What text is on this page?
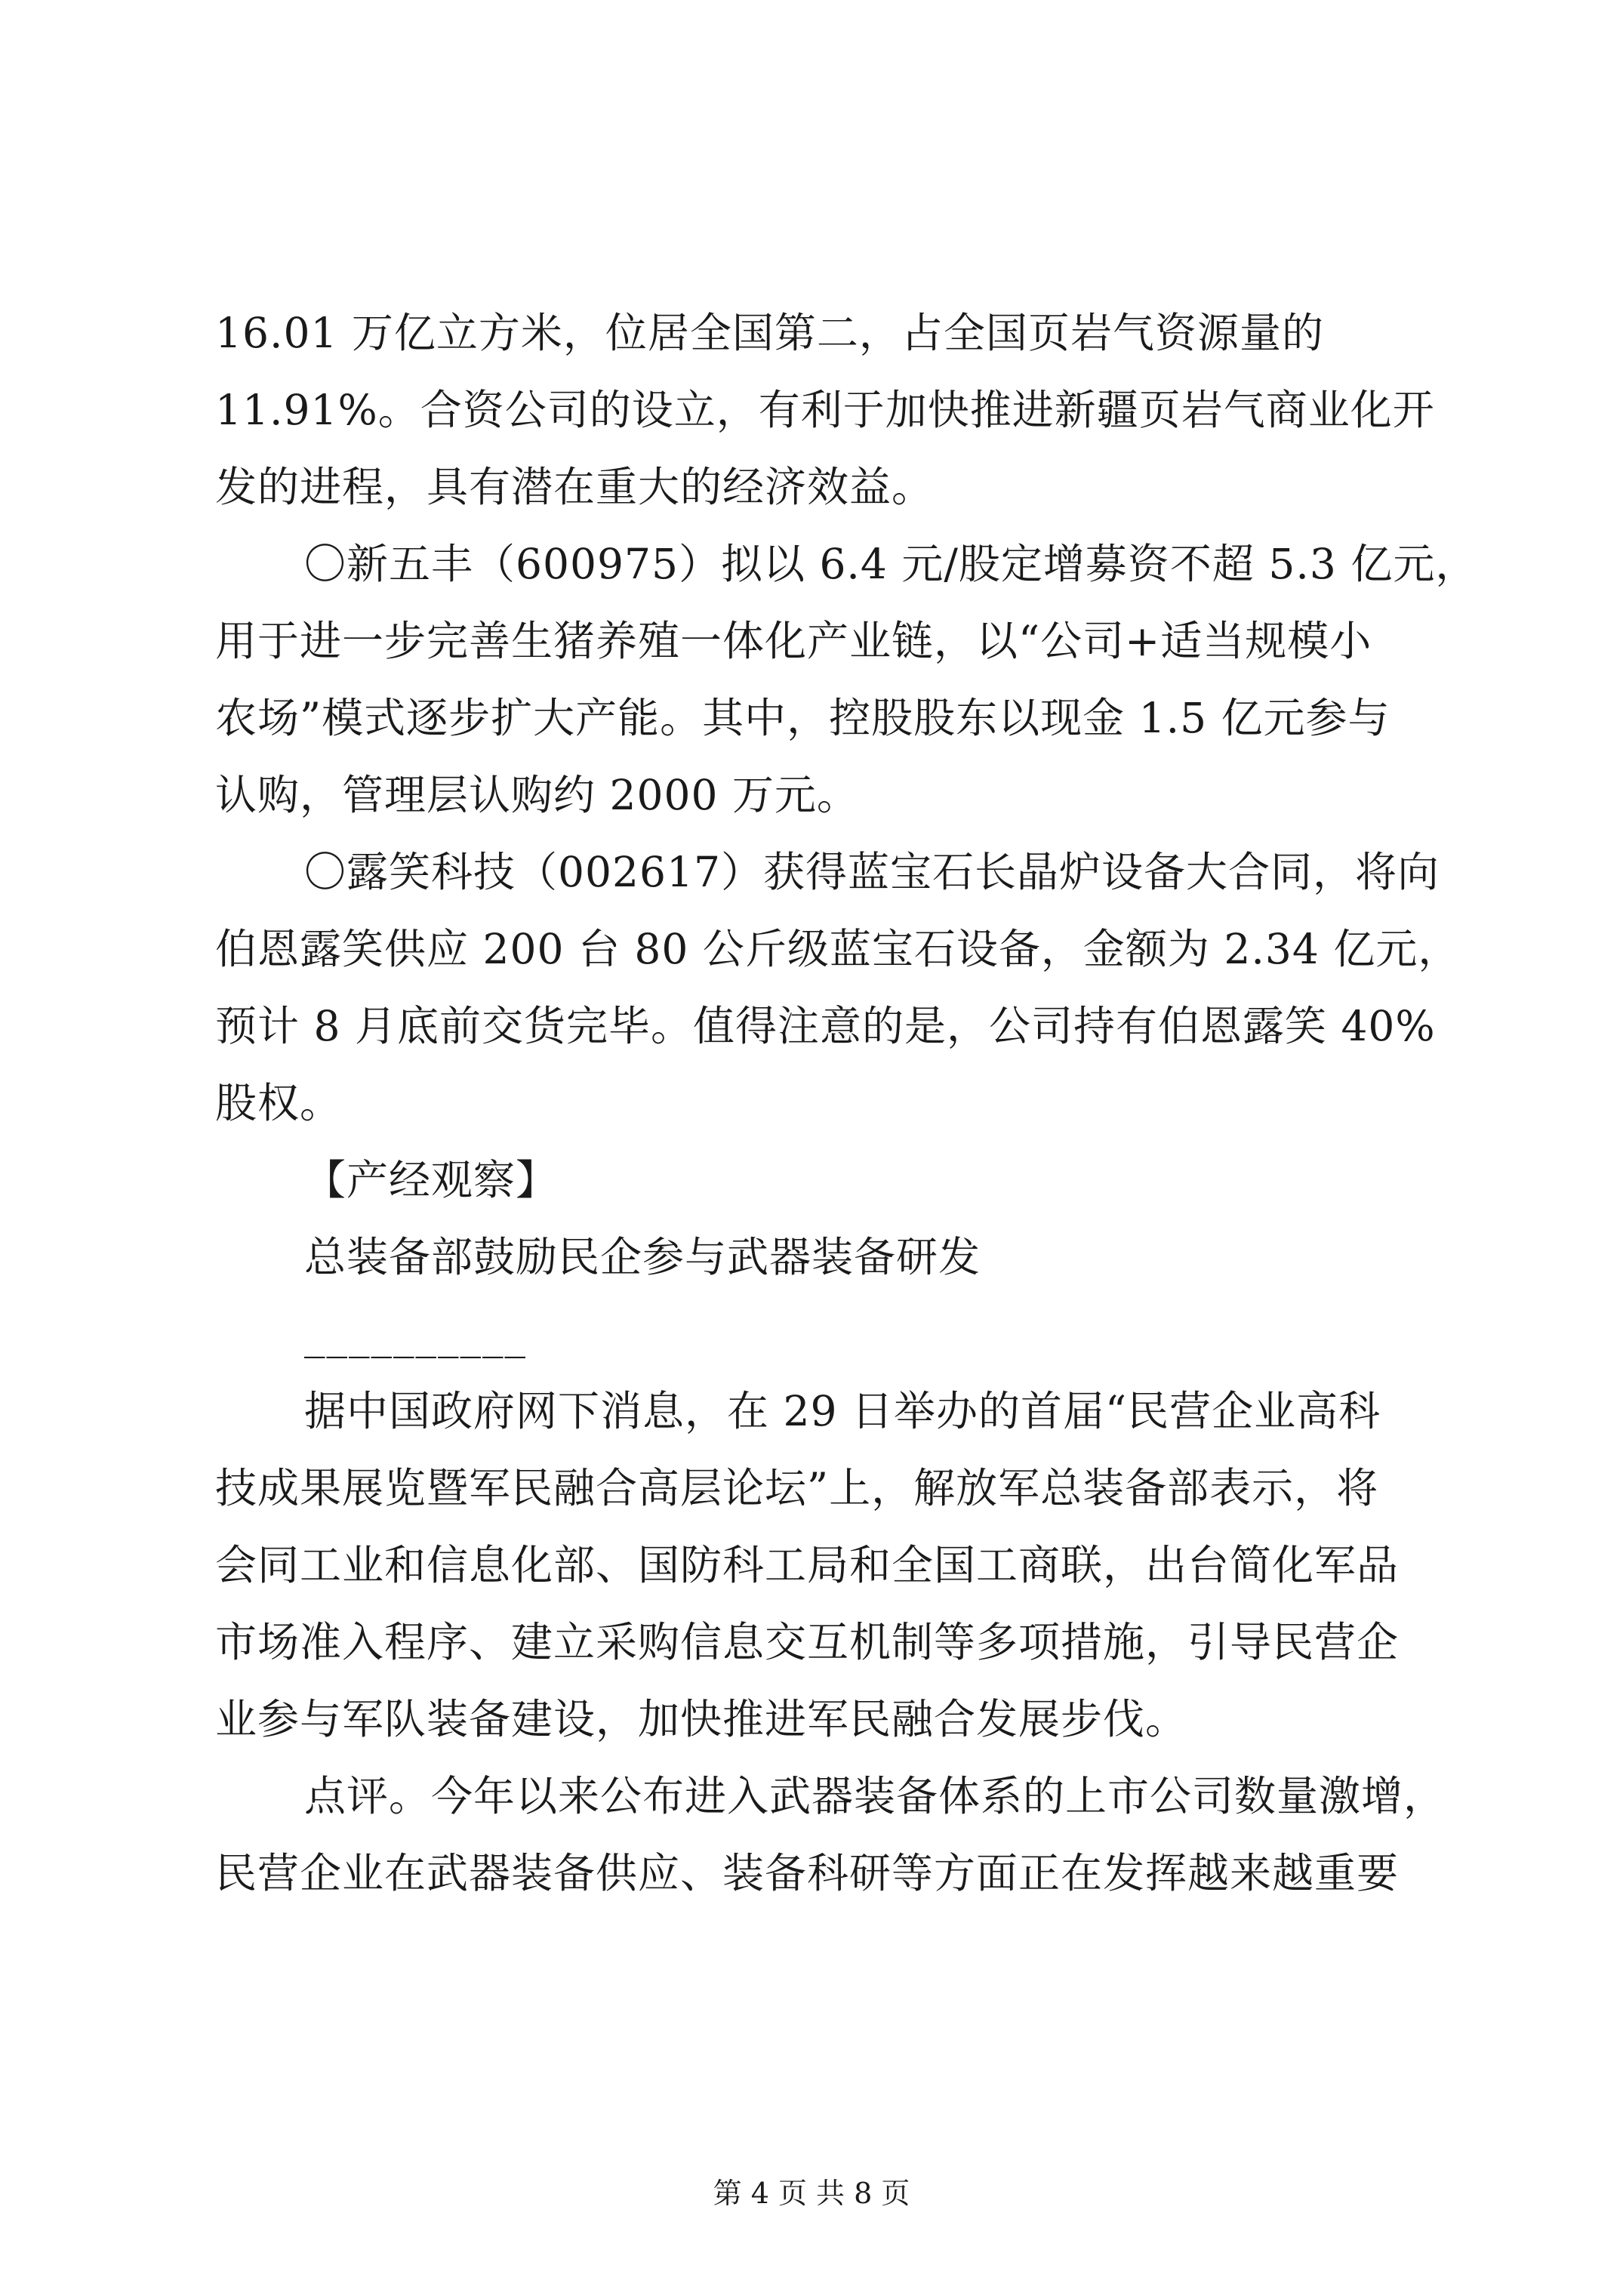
16.01 万亿立方米，位居全国第二，占全国页岩气资源量的
11.91%。合资公司的设立，有利于加快推进新疆页岩气商业化开
发的进程，具有潜在重大的经济效益。
〇新五丰（600975）拟以 6.4 元/股定增募资不超 5.3 亿元，
用于进一步完善生猪养殖一体化产业链，以“公司+适当规模小
农场”模式逐步扩大产能。其中，控股股东以现金 1.5 亿元参与
认购，管理层认购约 2000 万元。
〇露笑科技（002617）获得蓝宝石长晶炉设备大合同，将向
伯恩露笑供应 200 台 80 公斤级蓝宝石设备，金额为 2.34 亿元，
预计 8 月底前交货完毕。值得注意的是，公司持有伯恩露笑 40%
股权。
【产经观察】
总装备部鼓励民企参与武器装备研发
__________
据中国政府网下消息，在 29 日举办的首届“民营企业高科
技成果展览暨军民融合高层论坛”上，解放军总装备部表示，将
会同工业和信息化部、国防科工局和全国工商联，出台简化军品
市场准入程序、建立采购信息交互机制等多项措施，引导民营企
业参与军队装备建设，加快推进军民融合发展步伐。
点评。今年以来公布进入武器装备体系的上市公司数量激增，
民营企业在武器装备供应、装备科研等方面正在发挥越来越重要
第 4 页 共 8 页
